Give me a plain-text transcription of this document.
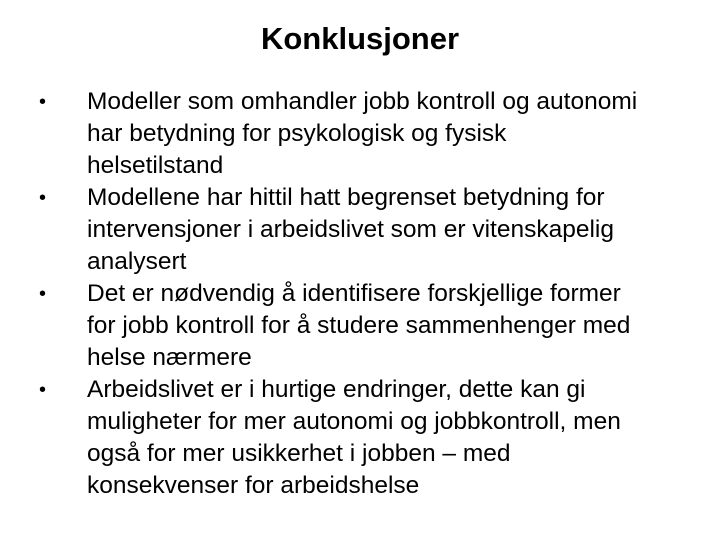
Konklusjoner
• Modeller som omhandler jobb kontroll og autonomi
har betydning for psykologisk og fysisk
helsetilstand
• Modellene har hittil hatt begrenset betydning for
intervensjoner i arbeidslivet som er vitenskapelig
analysert
• Det er nødvendig å identifisere forskjellige former
for jobb kontroll for å studere sammenhenger med
helse nærmere
• Arbeidslivet er i hurtige endringer, dette kan gi
muligheter for mer autonomi og jobbkontroll, men
også for mer usikkerhet i jobben – med
konsekvenser for arbeidshelse
